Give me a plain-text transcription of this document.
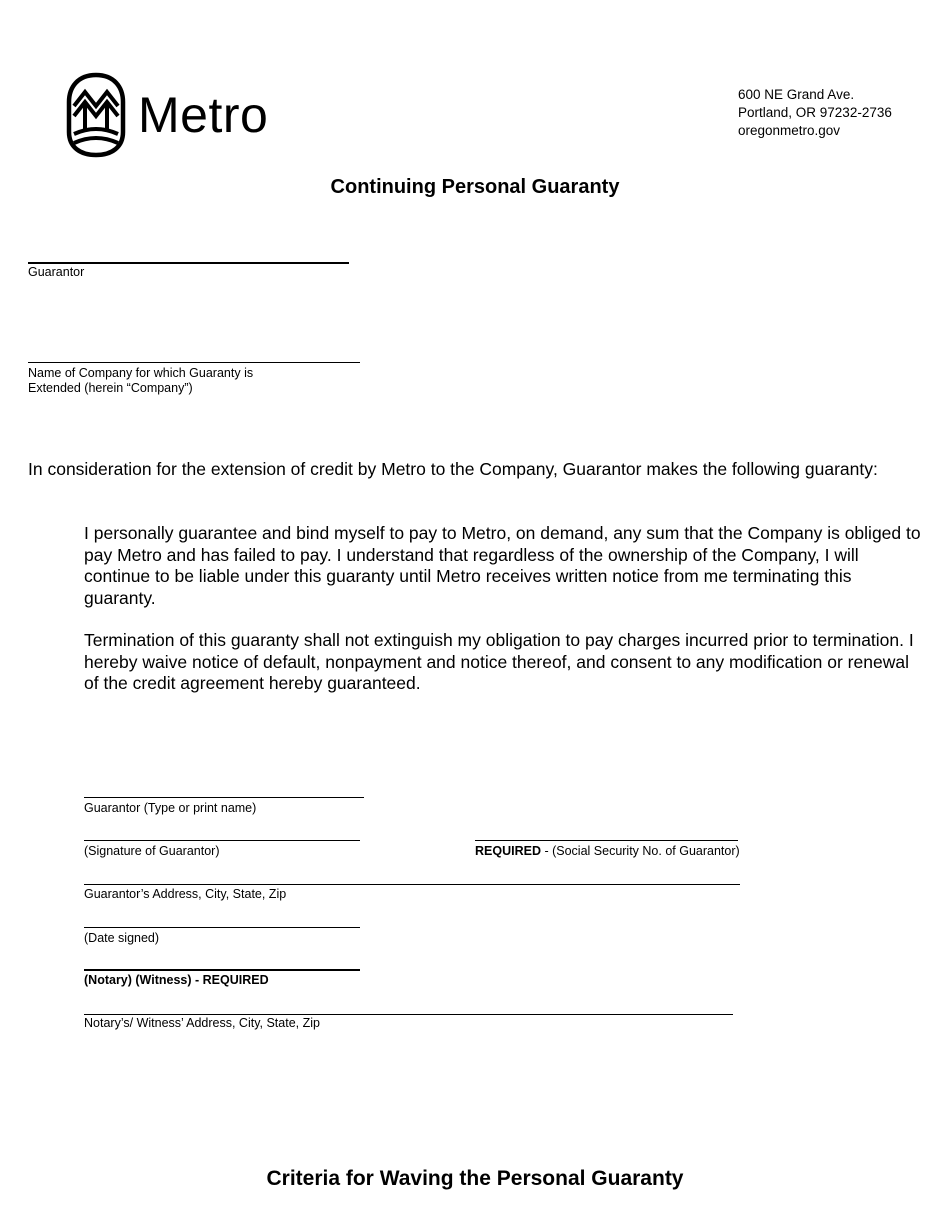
Metro	600 NE Grand Ave.
Portland, OR 97232-2736
oregonmetro.gov
Continuing Personal Guaranty
Guarantor
Name of Company for which Guaranty is
Extended (herein “Company”)
In consideration for the extension of credit by Metro to the Company, Guarantor makes the following guaranty:
I personally guarantee and bind myself to pay to Metro, on demand, any sum that the Company is obliged to pay Metro and has failed to pay. I understand that regardless of the ownership of the Company, I will continue to be liable under this guaranty until Metro receives written notice from me terminating this guaranty.
Termination of this guaranty shall not extinguish my obligation to pay charges incurred prior to termination. I hereby waive notice of default, nonpayment and notice thereof, and consent to any modification or renewal of the credit agreement hereby guaranteed.
Guarantor (Type or print name)
(Signature of Guarantor)	REQUIRED - (Social Security No. of Guarantor)
Guarantor’s Address, City, State, Zip
(Date signed)
(Notary) (Witness) - REQUIRED
Notary’s/ Witness’ Address, City, State, Zip
Criteria for Waving the Personal Guaranty
